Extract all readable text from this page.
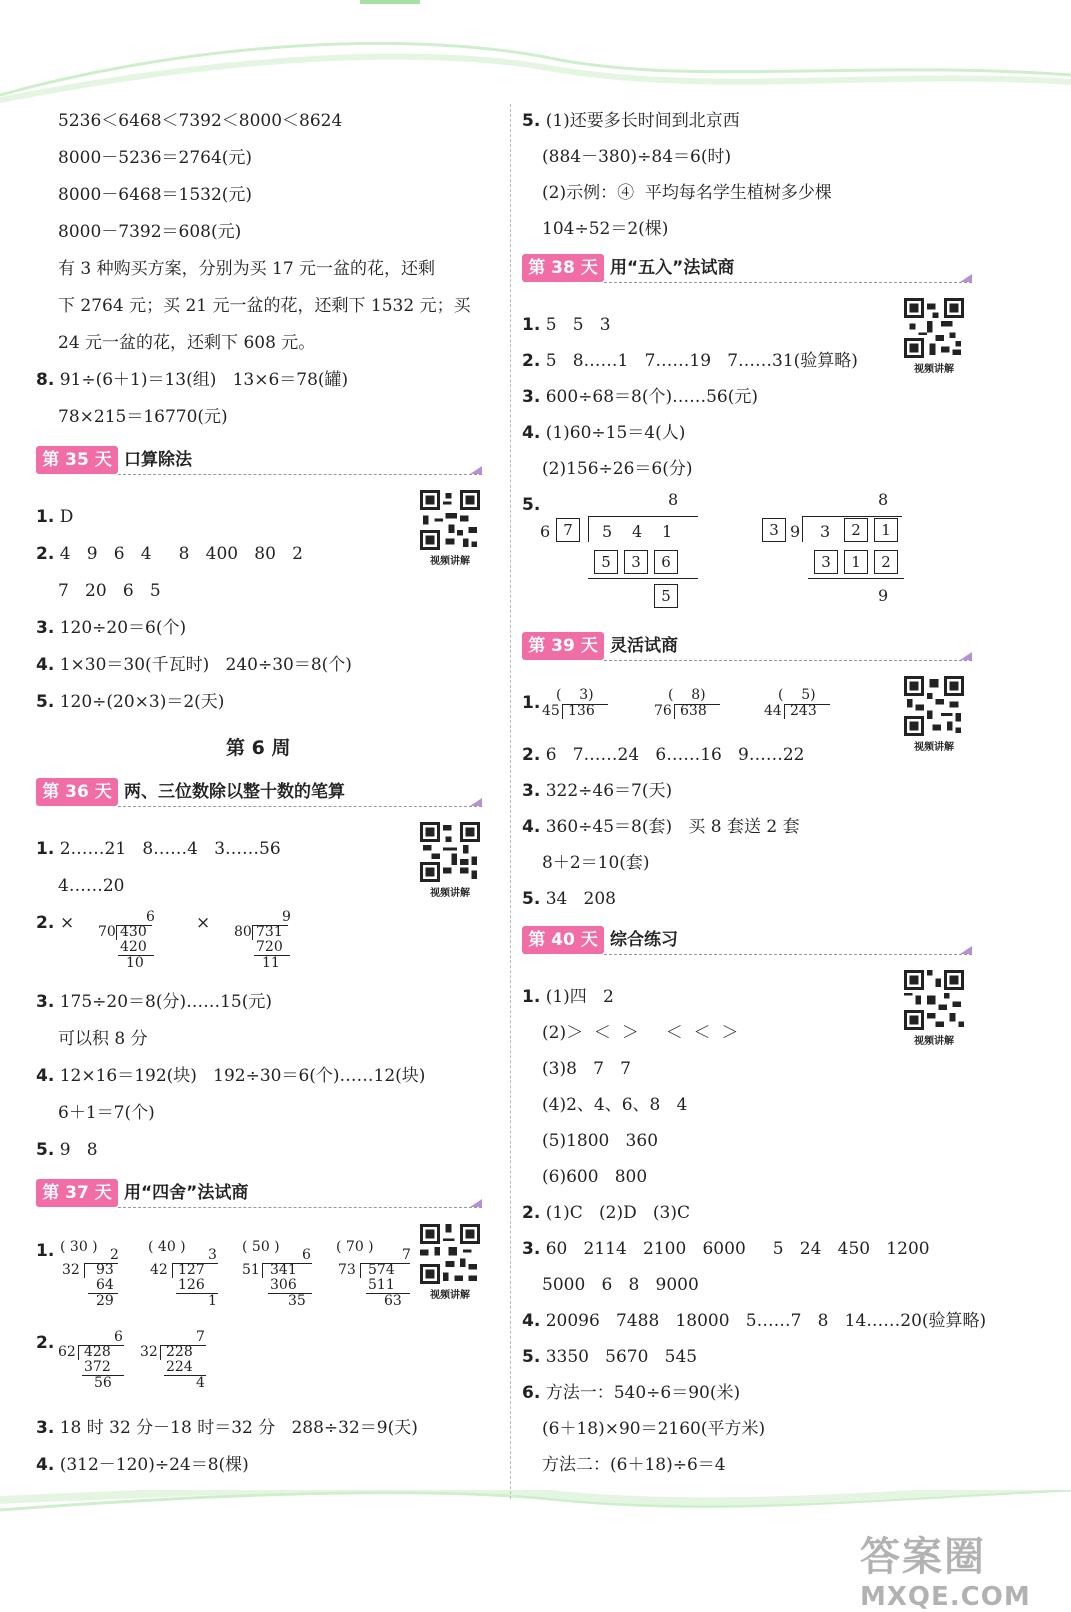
5236＜6468＜7392＜8000＜8624
8000－5236＝2764(元)
8000－6468＝1532(元)
8000－7392＝608(元)
有 3 种购买方案，分别为买 17 元一盆的花，还剩
下 2764 元；买 21 元一盆的花，还剩下 1532 元；买
24 元一盆的花，还剩下 608 元。
8. 91÷(6＋1)＝13(组)   13×6＝78(罐)
78×215＝16770(元)
第 35 天 口算除法
视频讲解
1. D
2. 4   9   6   4     8   400   80   2
7   20   6   5
3. 120÷20＝6(个)
4. 1×30＝30(千瓦时)   240÷30＝8(个)
5. 120÷(20×3)＝2(天)
第 6 周
第 36 天 两、三位数除以整十数的笔算
视频讲解
1. 2……21   8……4   3……56
4……20
2. ×	×
6
70 430
420
10
9
80 731
720
11
3. 175÷20＝8(分)……15(元)
可以积 8 分
4. 12×16＝192(块)   192÷30＝6(个)……12(块)
6＋1＝7(个)
5. 9   8
第 37 天 用“四舍”法试商
视频讲解
1. ( 30 ) 2
32 93
64
29
( 40 ) 3
42 127
126
1
( 50 ) 6
51 341
306
35
( 70 ) 7
73 574
511
63
2.	6
62 428
372
56
7
32 228
224
4
3. 18 时 32 分－18 时＝32 分   288÷32＝9(天)
4. (312－120)÷24＝8(棵)
5. (1)还要多长时间到北京西
(884－380)÷84＝6(时)
(2)示例：④  平均每名学生植树多少棵
104÷52＝2(棵)
第 38 天 用“五入”法试商
视频讲解
1. 5   5   3
2. 5   8……1   7……19   7……31(验算略)
3. 600÷68＝8(个)……56(元)
4. (1)60÷15＝4(人)
(2)156÷26＝6(分)
5.	8
6 7	5 4 1
5	3	6
5
8
3 9 3	2	1
3	1	2
9
第 39 天 灵活试商
视频讲解
1. (    3)
45 136
(    8)
76 638
(    5)
44 243
2. 6   7……24   6……16   9……22
3. 322÷46＝7(天)
4. 360÷45＝8(套)   买 8 套送 2 套
8＋2＝10(套)
5. 34   208
第 40 天 综合练习
视频讲解
1. (1)四   2
(2)＞  ＜  ＞     ＜  ＜  ＞
(3)8   7   7
(4)2、4、6、8   4
(5)1800   360
(6)600   800
2. (1)C   (2)D   (3)C
3. 60   2114   2100   6000     5   24   450   1200
5000   6   8   9000
4. 20096   7488   18000   5……7   8   14……20(验算略)
5. 3350   5670   545
6. 方法一：540÷6＝90(米)
(6＋18)×90＝2160(平方米)
方法二：(6＋18)÷6＝4
答案圈
MXQE.COM
